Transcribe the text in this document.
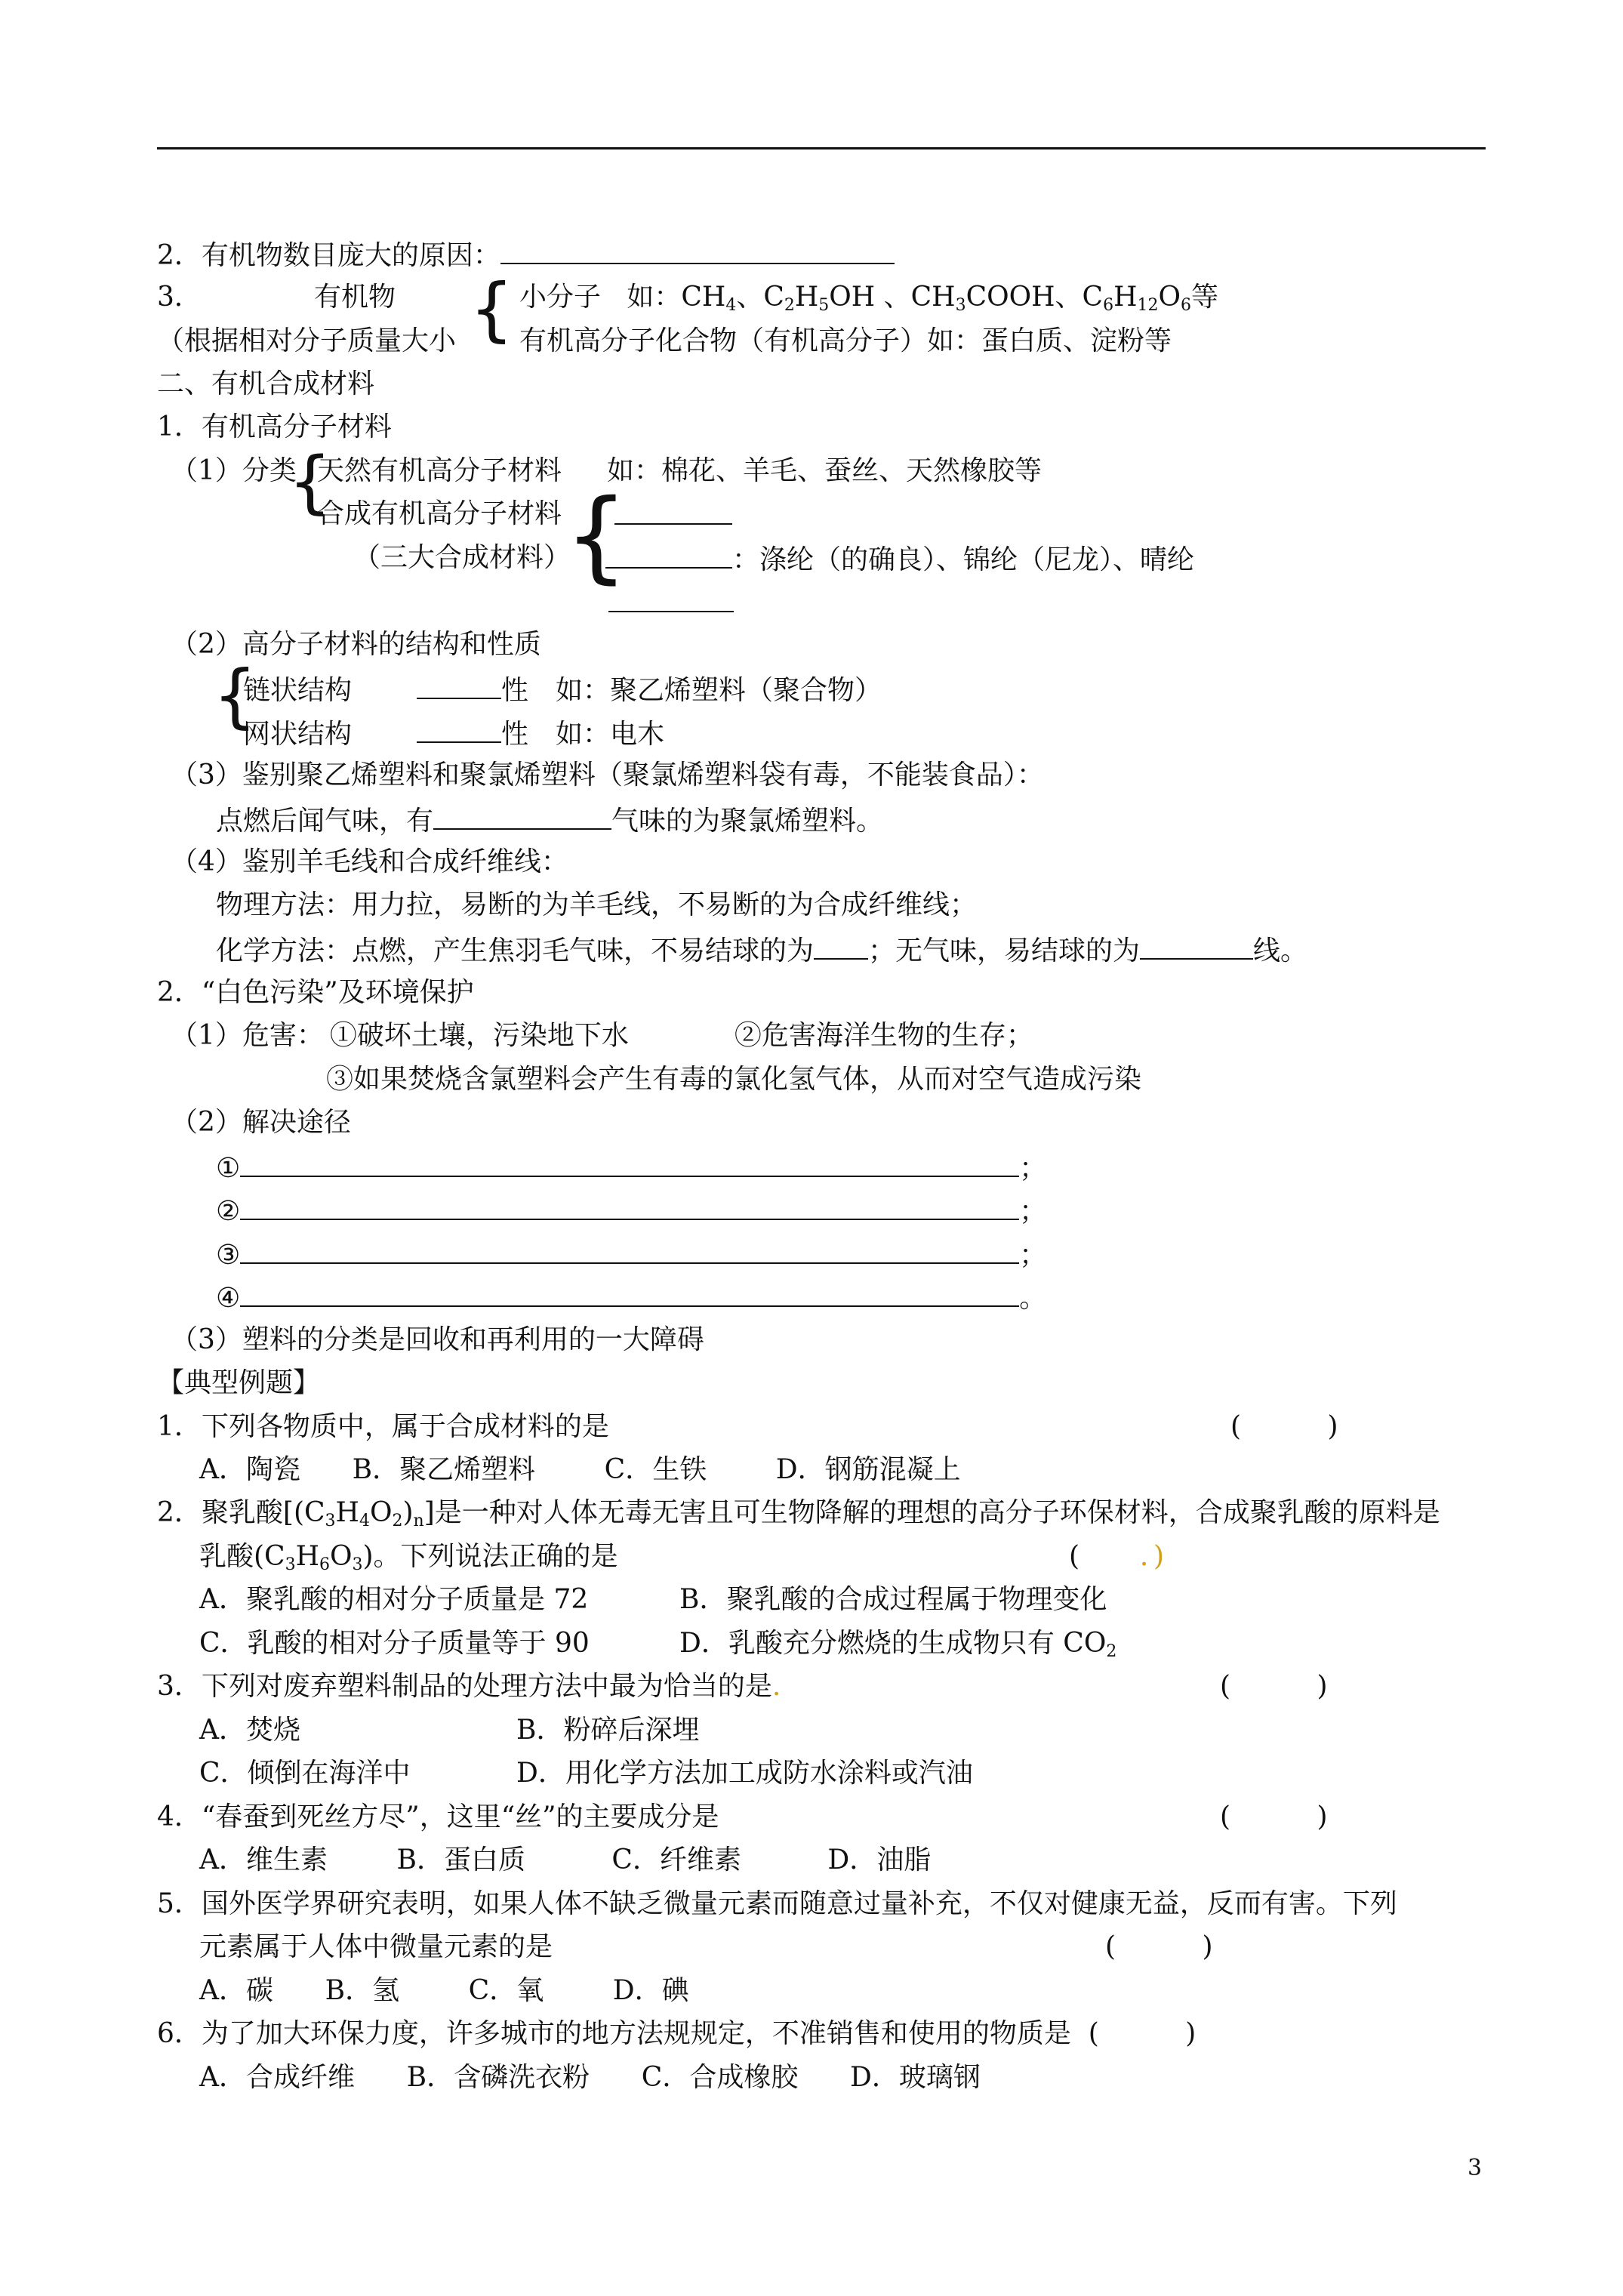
2．有机物数目庞大的原因：
3．	有机物
（根据相对分子质量大小 { 小分子 如：$CH_4$、$C_2H_5OH$ 、$CH_3COOH$、$C_6H_{12}O_6$等
有机高分子化合物（有机高分子）如：蛋白质、淀粉等
二、有机合成材料
1．有机高分子材料
（1）分类
{
天然有机高分子材料 如：棉花、羊毛、蚕丝、天然橡胶等
合成有机高分子材料 {
（三大合成材料）	：涤纶（的确良）、锦纶（尼龙）、晴纶
（2）高分子材料的结构和性质
{
链状结构	性 如：聚乙烯塑料（聚合物）
网状结构	性 如：电木
（3）鉴别聚乙烯塑料和聚氯烯塑料（聚氯烯塑料袋有毒，不能装食品）：
点燃后闻气味，有	气味的为聚氯烯塑料。
（4）鉴别羊毛线和合成纤维线：
物理方法：用力拉，易断的为羊毛线，不易断的为合成纤维线；
化学方法：点燃，产生焦羽毛气味，不易结球的为 ；无气味，易结球的为	线。
2．“白色污染”及环境保护
（1）危害： ①破坏土壤，污染地下水	②危害海洋生物的生存；
③如果焚烧含氯塑料会产生有毒的氯化氢气体，从而对空气造成污染
（2）解决途径
①	；
②	；
③	；
④	。
（3）塑料的分类是回收和再利用的一大障碍
【典型例题】
1．下列各物质中，属于合成材料的是	(          )
A．陶瓷      B．聚乙烯塑料        C．生铁        D．钢筋混凝上
2．聚乳酸$[(C_3H_4O_2)_n]$是一种对人体无毒无害且可生物降解的理想的高分子环保材料，合成聚乳酸的原料是
乳酸$(C_3H_6O_3)$。下列说法正确的是	( ．)
A．聚乳酸的相对分子质量是 72	B．聚乳酸的合成过程属于物理变化
C．乳酸的相对分子质量等于 90	D．乳酸充分燃烧的生成物只有 $CO_2$
3．下列对废弃塑料制品的处理方法中最为恰当的是.	(          )
A．焚烧	B．粉碎后深埋
C．倾倒在海洋中	D．用化学方法加工成防水涂料或汽油
4．“春蚕到死丝方尽”，这里“丝”的主要成分是	(          )
A．维生素        B．蛋白质          C．纤维素          D．油脂
5．国外医学界研究表明，如果人体不缺乏微量元素而随意过量补充，不仅对健康无益，反而有害。下列
元素属于人体中微量元素的是	(          )
A．碳      B．氢        C．氧        D．碘
6．为了加大环保力度，许多城市的地方法规规定，不准销售和使用的物质是  (          )
A．合成纤维      B．含磷洗衣粉      C．合成橡胶      D．玻璃钢
3
